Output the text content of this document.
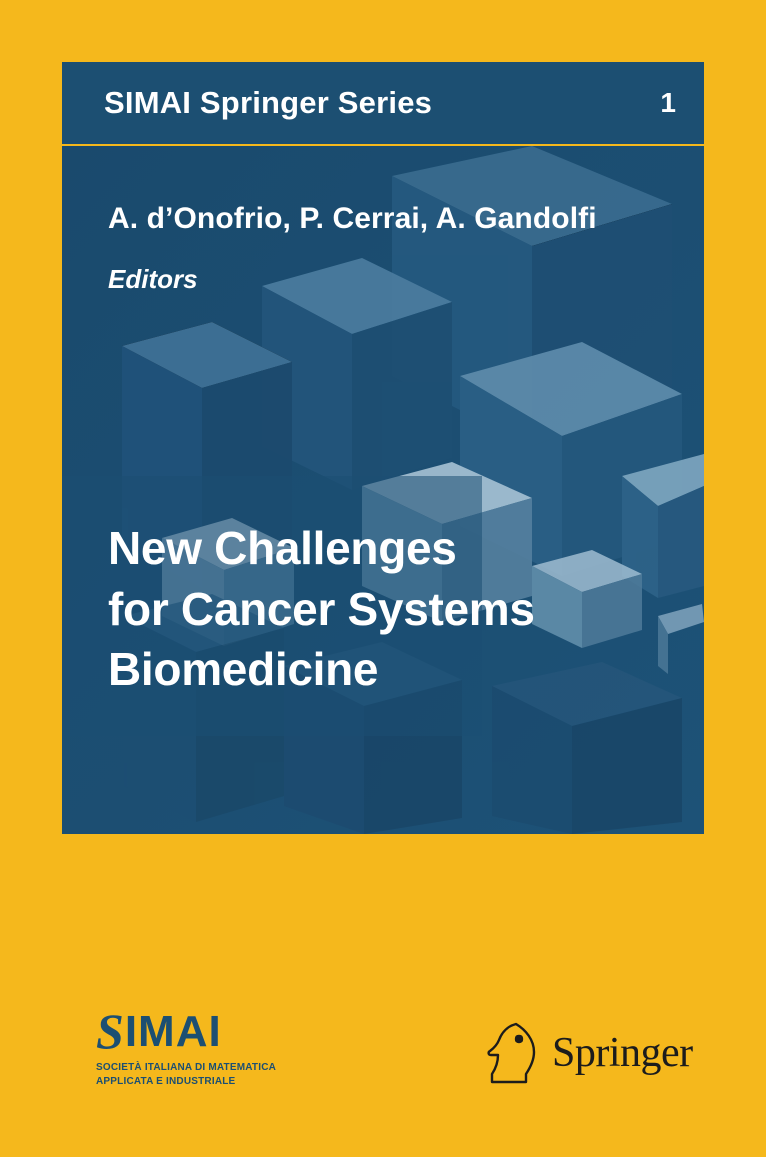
SIMAI Springer Series	1
A. d’Onofrio, P. Cerrai, A. Gandolfi
Editors
New Challenges
for Cancer Systems
Biomedicine
S IMAI
SOCIETÀ ITALIANA DI MATEMATICA
APPLICATA E INDUSTRIALE
Springer
